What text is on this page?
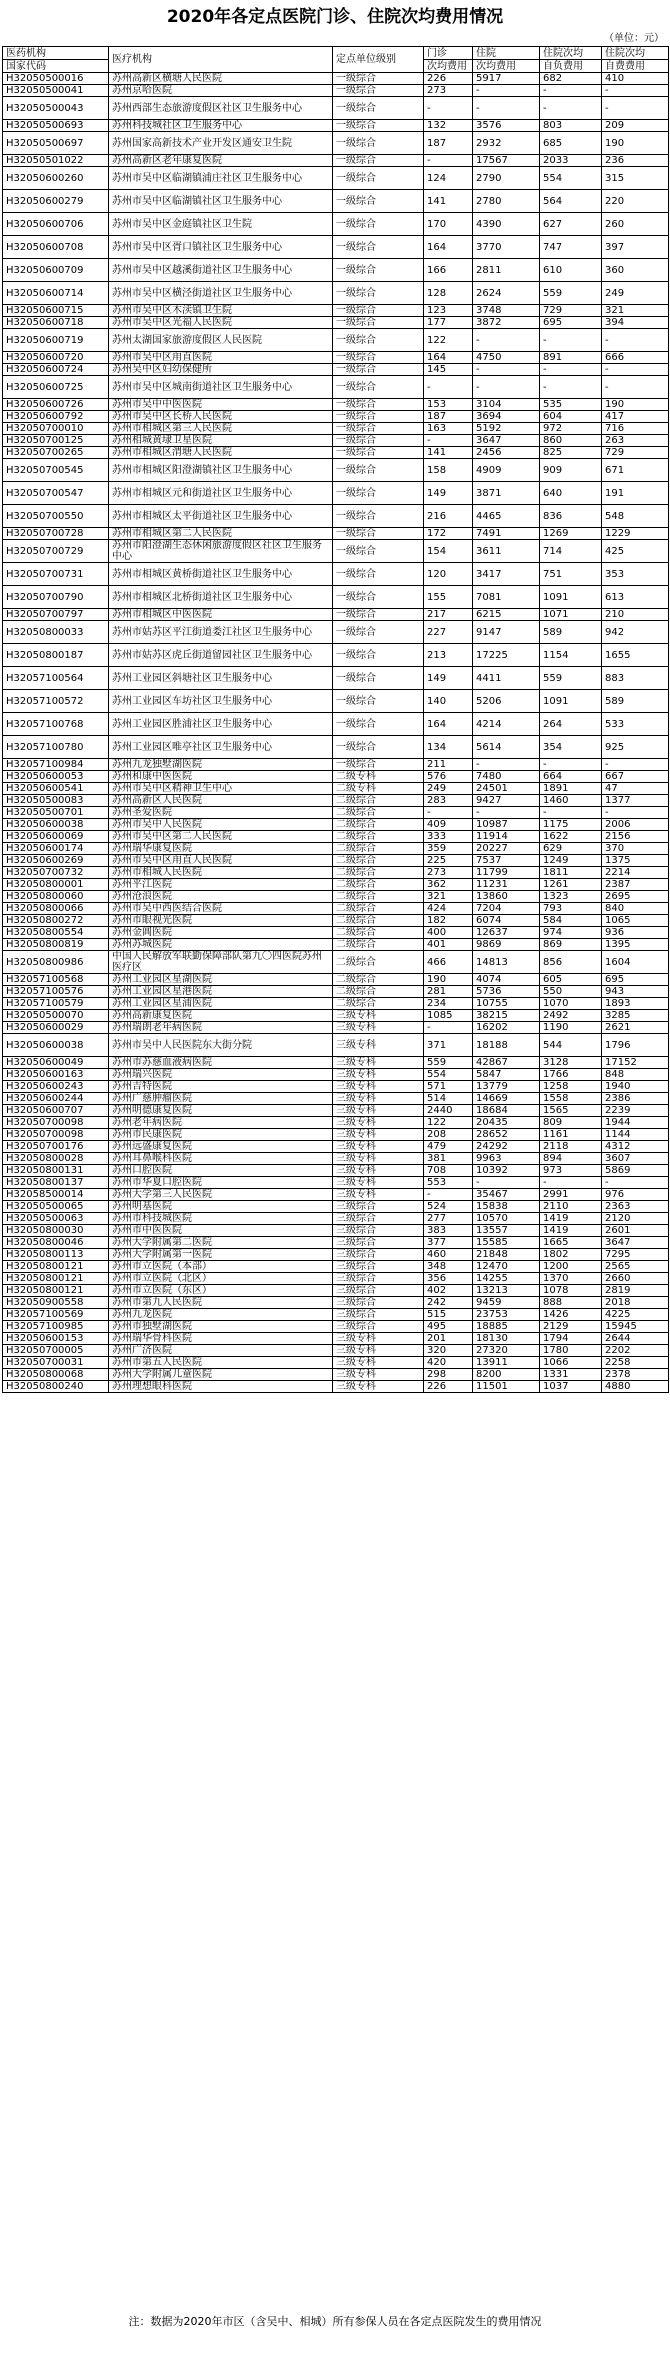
2020年各定点医院门诊、住院次均费用情况
（单位：元）
医药机构	医疗机构	定点单位级别	门诊	住院	住院次均	住院次均
国家代码			次均费用	次均费用	自负费用	自费费用

H32050500016	苏州高新区横塘人民医院	一级综合	226	5917	682	410
H32050500041	苏州京哈医院	一级综合	273	-	-	-
H32050500043	苏州西部生态旅游度假区社区卫生服务中心	一级综合	-	-	-	-
H32050500693	苏州科技城社区卫生服务中心	一级综合	132	3576	803	209
H32050500697	苏州国家高新技术产业开发区通安卫生院	一级综合	187	2932	685	190
H32050501022	苏州高新区老年康复医院	一级综合	-	17567	2033	236
H32050600260	苏州市吴中区临湖镇浦庄社区卫生服务中心	一级综合	124	2790	554	315
H32050600279	苏州市吴中区临湖镇社区卫生服务中心	一级综合	141	2780	564	220
H32050600706	苏州市吴中区金庭镇社区卫生院	一级综合	170	4390	627	260
H32050600708	苏州市吴中区胥口镇社区卫生服务中心	一级综合	164	3770	747	397
H32050600709	苏州市吴中区越溪街道社区卫生服务中心	一级综合	166	2811	610	360
H32050600714	苏州市吴中区横泾街道社区卫生服务中心	一级综合	128	2624	559	249
H32050600715	苏州市吴中区木渎镇卫生院	一级综合	123	3748	729	321
H32050600718	苏州市吴中区光福人民医院	一级综合	177	3872	695	394
H32050600719	苏州太湖国家旅游度假区人民医院	一级综合	122	-	-	-
H32050600720	苏州市吴中区甪直医院	一级综合	164	4750	891	666
H32050600724	苏州吴中区妇幼保健所	一级综合	145	-	-	-
H32050600725	苏州市吴中区城南街道社区卫生服务中心	一级综合	-	-	-	-
H32050600726	苏州市吴中中医医院	一级综合	153	3104	535	190
H32050600792	苏州市吴中区长桥人民医院	一级综合	187	3694	604	417
H32050700010	苏州市相城区第三人民医院	一级综合	163	5192	972	716
H32050700125	苏州相城黄埭卫星医院	一级综合	-	3647	860	263
H32050700265	苏州市相城区渭塘人民医院	一级综合	141	2456	825	729
H32050700545	苏州市相城区阳澄湖镇社区卫生服务中心	一级综合	158	4909	909	671
H32050700547	苏州市相城区元和街道社区卫生服务中心	一级综合	149	3871	640	191
H32050700550	苏州市相城区太平街道社区卫生服务中心	一级综合	216	4465	836	548
H32050700728	苏州市相城区第二人民医院	一级综合	172	7491	1269	1229
H32050700729	苏州市阳澄湖生态休闲旅游度假区社区卫生服务中心	一级综合	154	3611	714	425
H32050700731	苏州市相城区黄桥街道社区卫生服务中心	一级综合	120	3417	751	353
H32050700790	苏州市相城区北桥街道社区卫生服务中心	一级综合	155	7081	1091	613
H32050700797	苏州市相城区中医医院	一级综合	217	6215	1071	210
H32050800033	苏州市姑苏区平江街道娄江社区卫生服务中心	一级综合	227	9147	589	942
H32050800187	苏州市姑苏区虎丘街道留园社区卫生服务中心	一级综合	213	17225	1154	1655
H32057100564	苏州工业园区斜塘社区卫生服务中心	一级综合	149	4411	559	883
H32057100572	苏州工业园区车坊社区卫生服务中心	一级综合	140	5206	1091	589
H32057100768	苏州工业园区胜浦社区卫生服务中心	一级综合	164	4214	264	533
H32057100780	苏州工业园区唯亭社区卫生服务中心	一级综合	134	5614	354	925
H32057100984	苏州九龙独墅湖医院	一级综合	211	-	-	-
H32050600053	苏州和康中医医院	二级专科	576	7480	664	667
H32050600541	苏州市吴中区精神卫生中心	二级专科	249	24501	1891	47
H32050500083	苏州高新区人民医院	二级综合	283	9427	1460	1377
H32050500701	苏州圣爱医院	二级综合	-	-	-	-
H32050600038	苏州市吴中人民医院	二级综合	409	10987	1175	2006
H32050600069	苏州市吴中区第二人民医院	二级综合	333	11914	1622	2156
H32050600174	苏州瑞华康复医院	二级综合	359	20227	629	370
H32050600269	苏州市吴中区甪直人民医院	二级综合	225	7537	1249	1375
H32050700732	苏州市相城人民医院	二级综合	273	11799	1811	2214
H32050800001	苏州平江医院	二级综合	362	11231	1261	2387
H32050800060	苏州沧浪医院	二级综合	321	13860	1323	2695
H32050800066	苏州市吴中西医结合医院	二级综合	424	7204	793	840
H32050800272	苏州市眼视光医院	二级综合	182	6074	584	1065
H32050800554	苏州金阊医院	二级综合	400	12637	974	936
H32050800819	苏州苏城医院	二级综合	401	9869	869	1395
H32050800986	中国人民解放军联勤保障部队第九〇四医院苏州医疗区	二级综合	466	14813	856	1604
H32057100568	苏州工业园区星湖医院	二级综合	190	4074	605	695
H32057100576	苏州工业园区星港医院	二级综合	281	5736	550	943
H32057100579	苏州工业园区星浦医院	二级综合	234	10755	1070	1893
H32050500070	苏州高新康复医院	三级专科	1085	38215	2492	3285
H32050600029	苏州瑞朗老年病医院	三级专科	-	16202	1190	2621
H32050600038	苏州市吴中人民医院东大街分院	三级专科	371	18188	544	1796
H32050600049	苏州市苏慈血液病医院	三级专科	559	42867	3128	17152
H32050600163	苏州瑞兴医院	三级专科	554	5847	1766	848
H32050600243	苏州吉特医院	三级专科	571	13779	1258	1940
H32050600244	苏州广慈肿瘤医院	三级专科	514	14669	1558	2386
H32050600707	苏州明德康复医院	三级专科	2440	18684	1565	2239
H32050700098	苏州老年病医院	三级专科	122	20435	809	1944
H32050700098	苏州市民康医院	三级专科	208	28652	1161	1144
H32050700176	苏州远盛康复医院	三级专科	479	24292	2118	4312
H32050800028	苏州耳鼻喉科医院	三级专科	381	9963	894	3607
H32050800131	苏州口腔医院	三级专科	708	10392	973	5869
H32050800137	苏州市华夏口腔医院	三级专科	553	-	-	-
H32058500014	苏州大学第三人民医院	三级专科	-	35467	2991	976
H32050500065	苏州明基医院	三级综合	524	15838	2110	2363
H32050500063	苏州市科技城医院	三级综合	277	10570	1419	2120
H32050800030	苏州市中医医院	三级综合	383	13557	1419	2601
H32050800046	苏州大学附属第二医院	三级综合	377	15585	1665	3647
H32050800113	苏州大学附属第一医院	三级综合	460	21848	1802	7295
H32050800121	苏州市立医院（本部）	三级综合	348	12470	1200	2565
H32050800121	苏州市立医院（北区）	三级综合	356	14255	1370	2660
H32050800121	苏州市立医院（东区）	三级综合	402	13213	1078	2819
H32050900558	苏州市第九人民医院	三级综合	242	9459	888	2018
H32057100569	苏州九龙医院	三级综合	515	23753	1426	4225
H32057100985	苏州市独墅湖医院	三级综合	495	18885	2129	15945
H32050600153	苏州瑞华骨科医院	三级专科	201	18130	1794	2644
H32050700005	苏州广济医院	三级专科	320	27320	1780	2202
H32050700031	苏州市第五人民医院	三级专科	420	13911	1066	2258
H32050800068	苏州大学附属儿童医院	三级专科	298	8200	1331	2378
H32050800240	苏州理想眼科医院	三级专科	226	11501	1037	4880
注：数据为2020年市区（含吴中、相城）所有参保人员在各定点医院发生的费用情况
